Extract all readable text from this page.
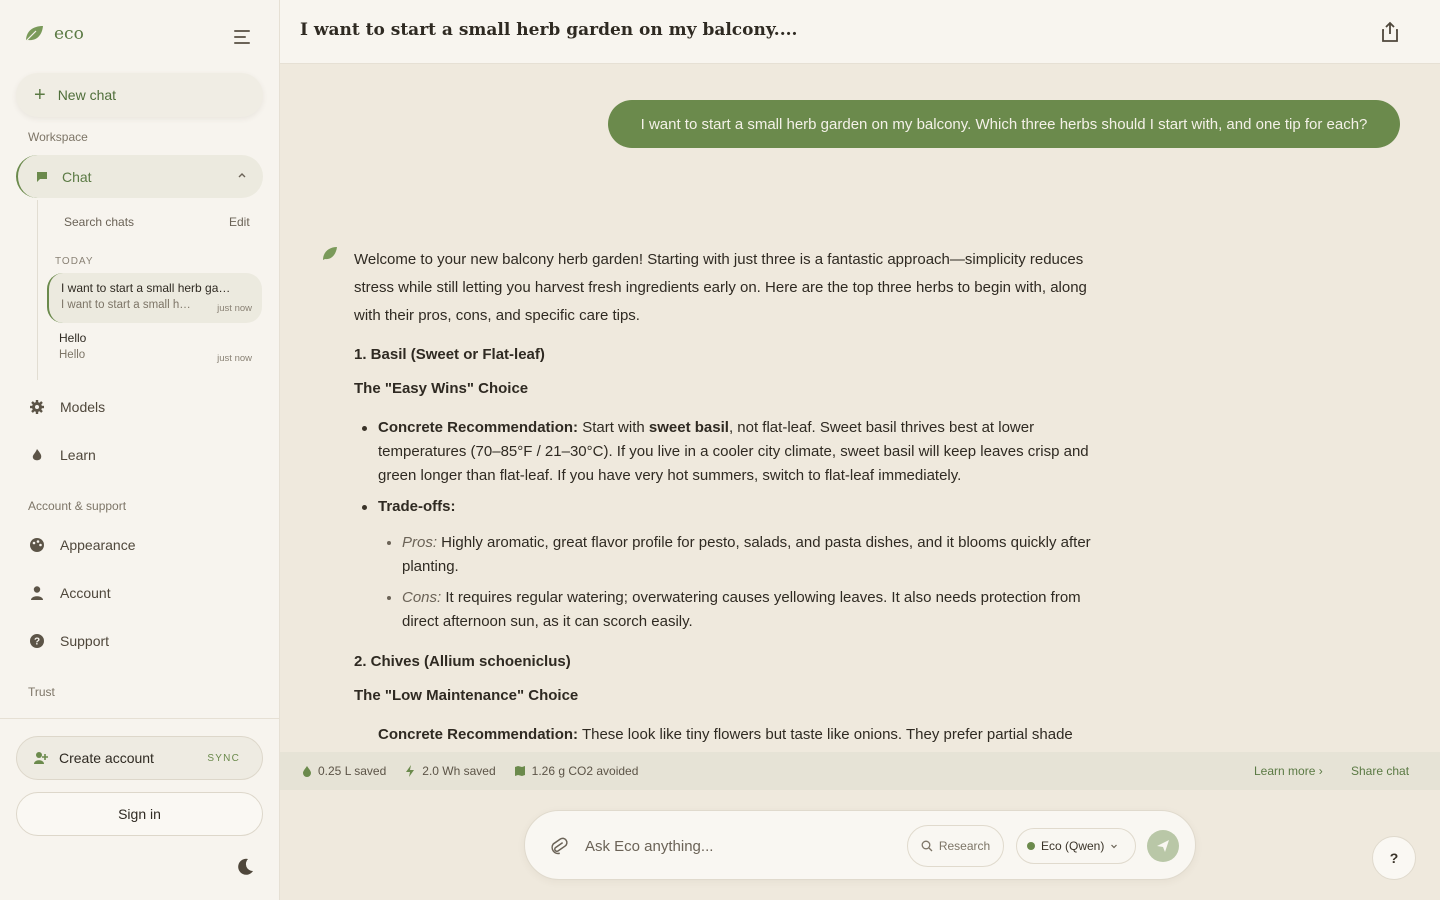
eco
+ New chat
Workspace
Chat
Search chats	Edit
TODAY
I want to start a small herb ga…
I want to start a small h…	just now
Hello
Hello	just now
Models
Learn
Account & support
Appearance
Account
? Support
Trust
Create account	SYNC
Sign in
I want to start a small herb garden on my balcony....
I want to start a small herb garden on my balcony. Which three herbs should I start with, and one tip for each?

Welcome to your new balcony herb garden! Starting with just three is a fantastic approach—simplicity reduces stress while still letting you harvest fresh ingredients early on. Here are the top three herbs to begin with, along with their pros, cons, and specific care tips.

1. Basil (Sweet or Flat-leaf)
The "Easy Wins" Choice
Concrete Recommendation: Start with sweet basil, not flat-leaf. Sweet basil thrives best at lower temperatures (70–85°F / 21–30°C). If you live in a cooler city climate, sweet basil will keep leaves crisp and green longer than flat-leaf. If you have very hot summers, switch to flat-leaf immediately.
Trade-offs:
Pros: Highly aromatic, great flavor profile for pesto, salads, and pasta dishes, and it blooms quickly after planting.
Cons: It requires regular watering; overwatering causes yellowing leaves. It also needs protection from direct afternoon sun, as it can scorch easily.
2. Chives (Allium schoeniclus)
The "Low Maintenance" Choice
Concrete Recommendation: These look like tiny flowers but taste like onions. They prefer partial shade
0.25 L saved	2.0 Wh saved	1.26 g CO2 avoided	Learn more › Share chat
Ask Eco anything...
Research	Eco (Qwen)
?
